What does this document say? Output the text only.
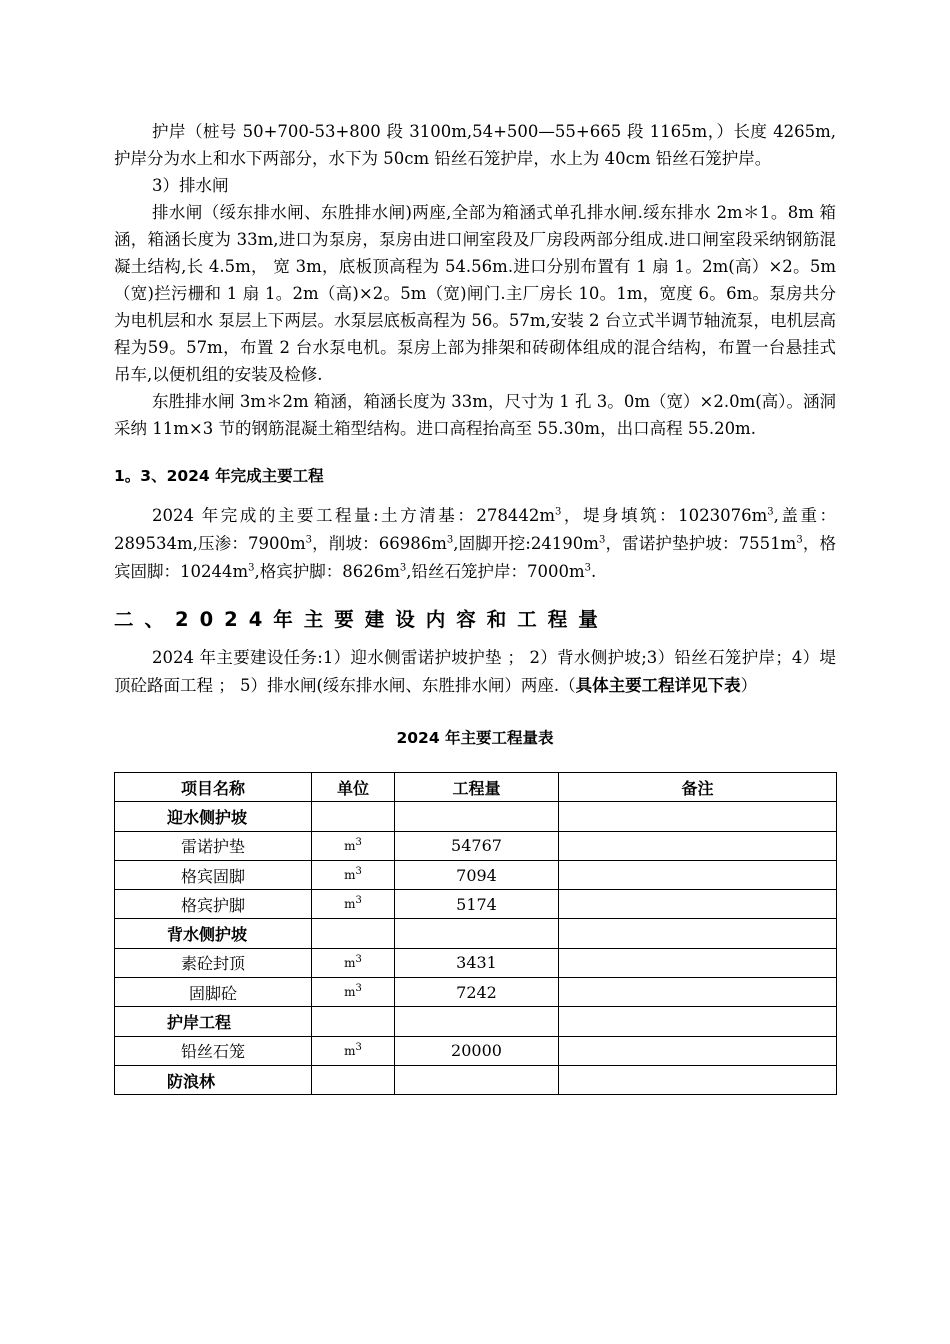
护岸（桩号 50+700-53+800 段 3100m,54+500—55+665 段 1165m，）长度 4265m,护岸分为水上和水下两部分，水下为 50cm 铅丝石笼护岸，水上为 40cm 铅丝石笼护岸。

3）排水闸

排水闸（绥东排水闸、东胜排水闸)两座,全部为箱涵式单孔排水闸.绥东排水 2m＊1。8m 箱涵，箱涵长度为 33m,进口为泵房，泵房由进口闸室段及厂房段两部分组成.进口闸室段采纳钢筋混凝土结构,长 4.5m， 宽 3m，底板顶高程为 54.56m.进口分别布置有 1 扇 1。2m(高）×2。5m（宽)拦污栅和 1 扇 1。2m（高)×2。5m（宽)闸门.主厂房长 10。1m，宽度 6。6m。泵房共分为电机层和水 泵层上下两层。水泵层底板高程为 56。57m,安装 2 台立式半调节轴流泵，电机层高程为59。57m，布置 2 台水泵电机。泵房上部为排架和砖砌体组成的混合结构，布置一台悬挂式吊车,以便机组的安装及检修.

东胜排水闸 3m＊2m 箱涵，箱涵长度为 33m，尺寸为 1 孔 3。0m（宽）×2.0m(高）。涵洞采纳 11m×3 节的钢筋混凝土箱型结构。进口高程抬高至 55.30m，出口高程 55.20m.

1。3、2024 年完成主要工程

2024 年完成的主要工程量:土方清基：$278442m^3$，堤身填筑：$1023076m^3$,盖重：289534m,压渗：$7900m^3$，削坡：$66986m^3$,固脚开挖$:24190m^3$，雷诺护垫护坡：$7551m^3$，格宾固脚：$10244m^3$,格宾护脚：$8626m^3$,铅丝石笼护岸：$7000m^3$.

二、2024年主要建设内容和工程量

2024 年主要建设任务:1）迎水侧雷诺护坡护垫 ； 2）背水侧护坡;3）铅丝石笼护岸；4）堤顶砼路面工程 ； 5）排水闸(绥东排水闸、东胜排水闸）两座.（具体主要工程详见下表）

2024 年主要工程量表

项目名称	单位	工程量	备注
迎水侧护坡			
雷诺护垫	$m^3$	54767	
格宾固脚	$m^3$	7094	
格宾护脚	$m^3$	5174	
背水侧护坡			
素砼封顶	$m^3$	3431	
固脚砼	$m^3$	7242	
护岸工程			
铅丝石笼	$m^3$	20000	
防浪林			
